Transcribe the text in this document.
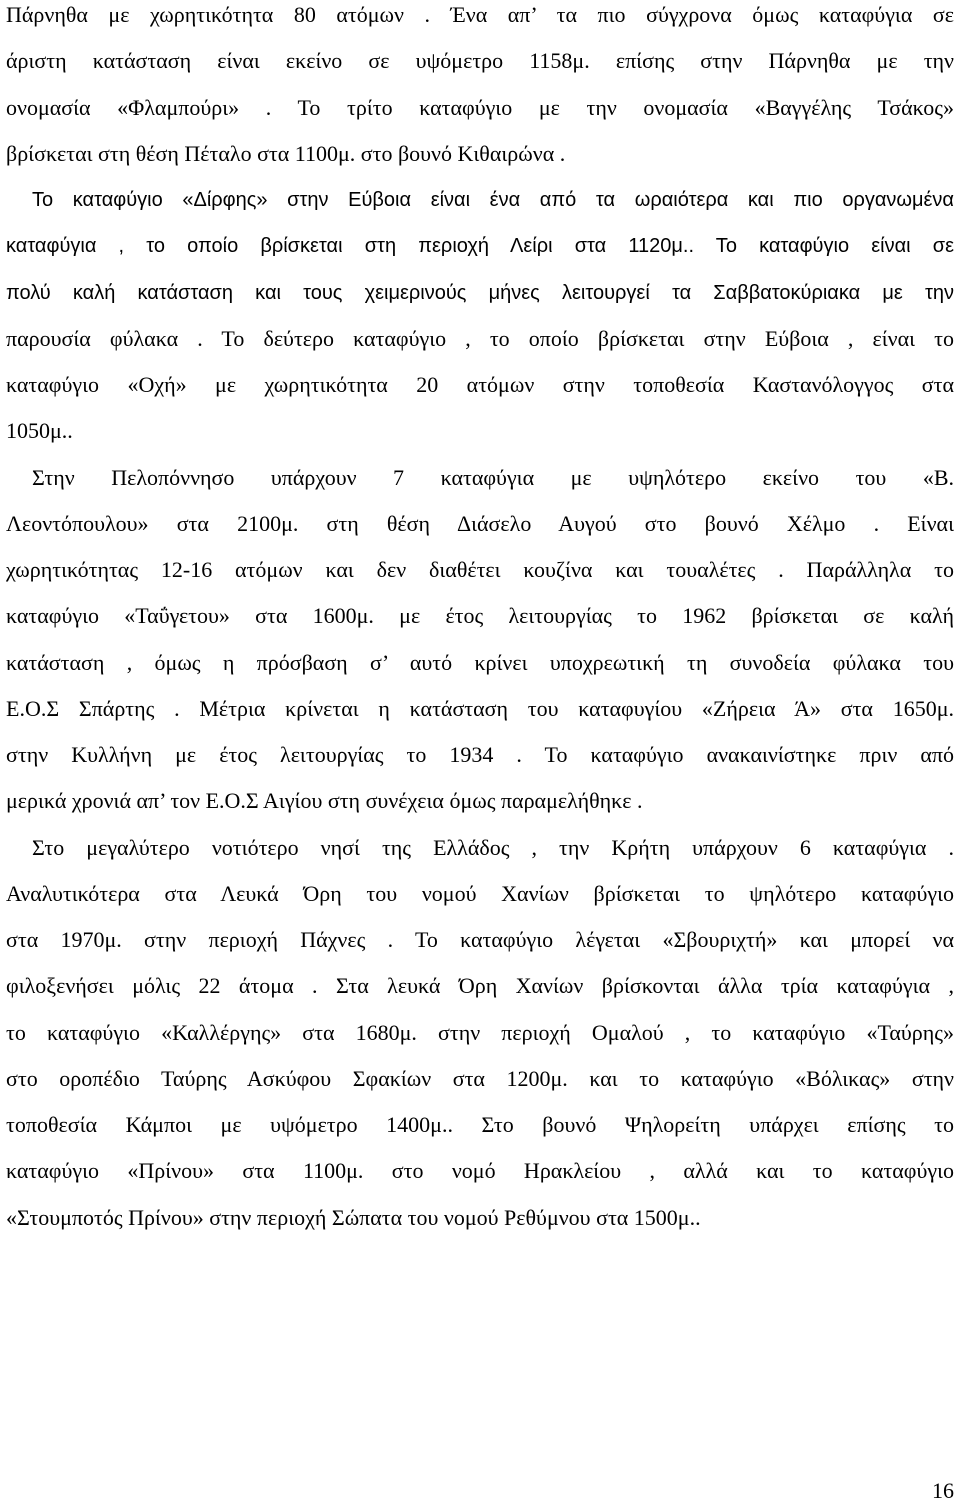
Πάρνηθα με χωρητικότητα 80 ατόμων . Ένα απ’ τα πιο σύγχρονα όμως καταφύγια σε
άριστη κατάσταση είναι εκείνο σε υψόμετρο 1158μ. επίσης στην Πάρνηθα με την
ονομασία «Φλαμπούρι» . Το τρίτο καταφύγιο με την ονομασία «Βαγγέλης Τσάκος»
βρίσκεται στη θέση Πέταλο στα 1100μ. στο βουνό Κιθαιρώνα .
Το καταφύγιο «Δίρφης» στην Εύβοια είναι ένα από τα ωραιότερα και πιο οργανωμένα
καταφύγια , το οποίο βρίσκεται στη περιοχή Λείρι στα 1120μ.. Το καταφύγιο είναι σε
πολύ καλή κατάσταση και τους χειμερινούς μήνες λειτουργεί τα Σαββατοκύριακα με την
παρουσία φύλακα . Το δεύτερο καταφύγιο , το οποίο βρίσκεται στην Εύβοια , είναι το
καταφύγιο «Οχή» με χωρητικότητα 20 ατόμων στην τοποθεσία Καστανόλογγος στα
1050μ..
Στην Πελοπόννησο υπάρχουν 7 καταφύγια με υψηλότερο εκείνο του «Β.
Λεοντόπουλου» στα 2100μ. στη θέση Διάσελο Αυγού στο βουνό Χέλμο . Είναι
χωρητικότητας 12-16 ατόμων και δεν διαθέτει κουζίνα και τουαλέτες . Παράλληλα το
καταφύγιο «Ταΰγετου» στα 1600μ. με έτος λειτουργίας το 1962 βρίσκεται σε καλή
κατάσταση , όμως η πρόσβαση σ’ αυτό κρίνει υποχρεωτική τη συνοδεία φύλακα του
Ε.Ο.Σ Σπάρτης . Μέτρια κρίνεται η κατάσταση του καταφυγίου «Ζήρεια Ά» στα 1650μ.
στην Κυλλήνη με έτος λειτουργίας το 1934 . Το καταφύγιο ανακαινίστηκε πριν από
μερικά χρονιά απ’ τον Ε.Ο.Σ Αιγίου στη συνέχεια όμως παραμελήθηκε .
Στο μεγαλύτερο νοτιότερο νησί της Ελλάδος , την Κρήτη υπάρχουν 6 καταφύγια .
Αναλυτικότερα στα Λευκά Όρη του νομού Χανίων βρίσκεται το ψηλότερο καταφύγιο
στα 1970μ. στην περιοχή Πάχνες . Το καταφύγιο λέγεται «Σβουριχτή» και μπορεί να
φιλοξενήσει μόλις 22 άτομα . Στα λευκά Όρη Χανίων βρίσκονται άλλα τρία καταφύγια ,
το καταφύγιο «Καλλέργης» στα 1680μ. στην περιοχή Ομαλού , το καταφύγιο «Ταύρης»
στο οροπέδιο Ταύρης Ασκύφου Σφακίων στα 1200μ. και το καταφύγιο «Βόλικας» στην
τοποθεσία Κάμποι με υψόμετρο 1400μ.. Στο βουνό Ψηλορείτη υπάρχει επίσης το
καταφύγιο «Πρίνου» στα 1100μ. στο νομό Ηρακλείου , αλλά και το καταφύγιο
«Στουμποτός Πρίνου» στην περιοχή Σώπατα του νομού Ρεθύμνου στα 1500μ..
16
